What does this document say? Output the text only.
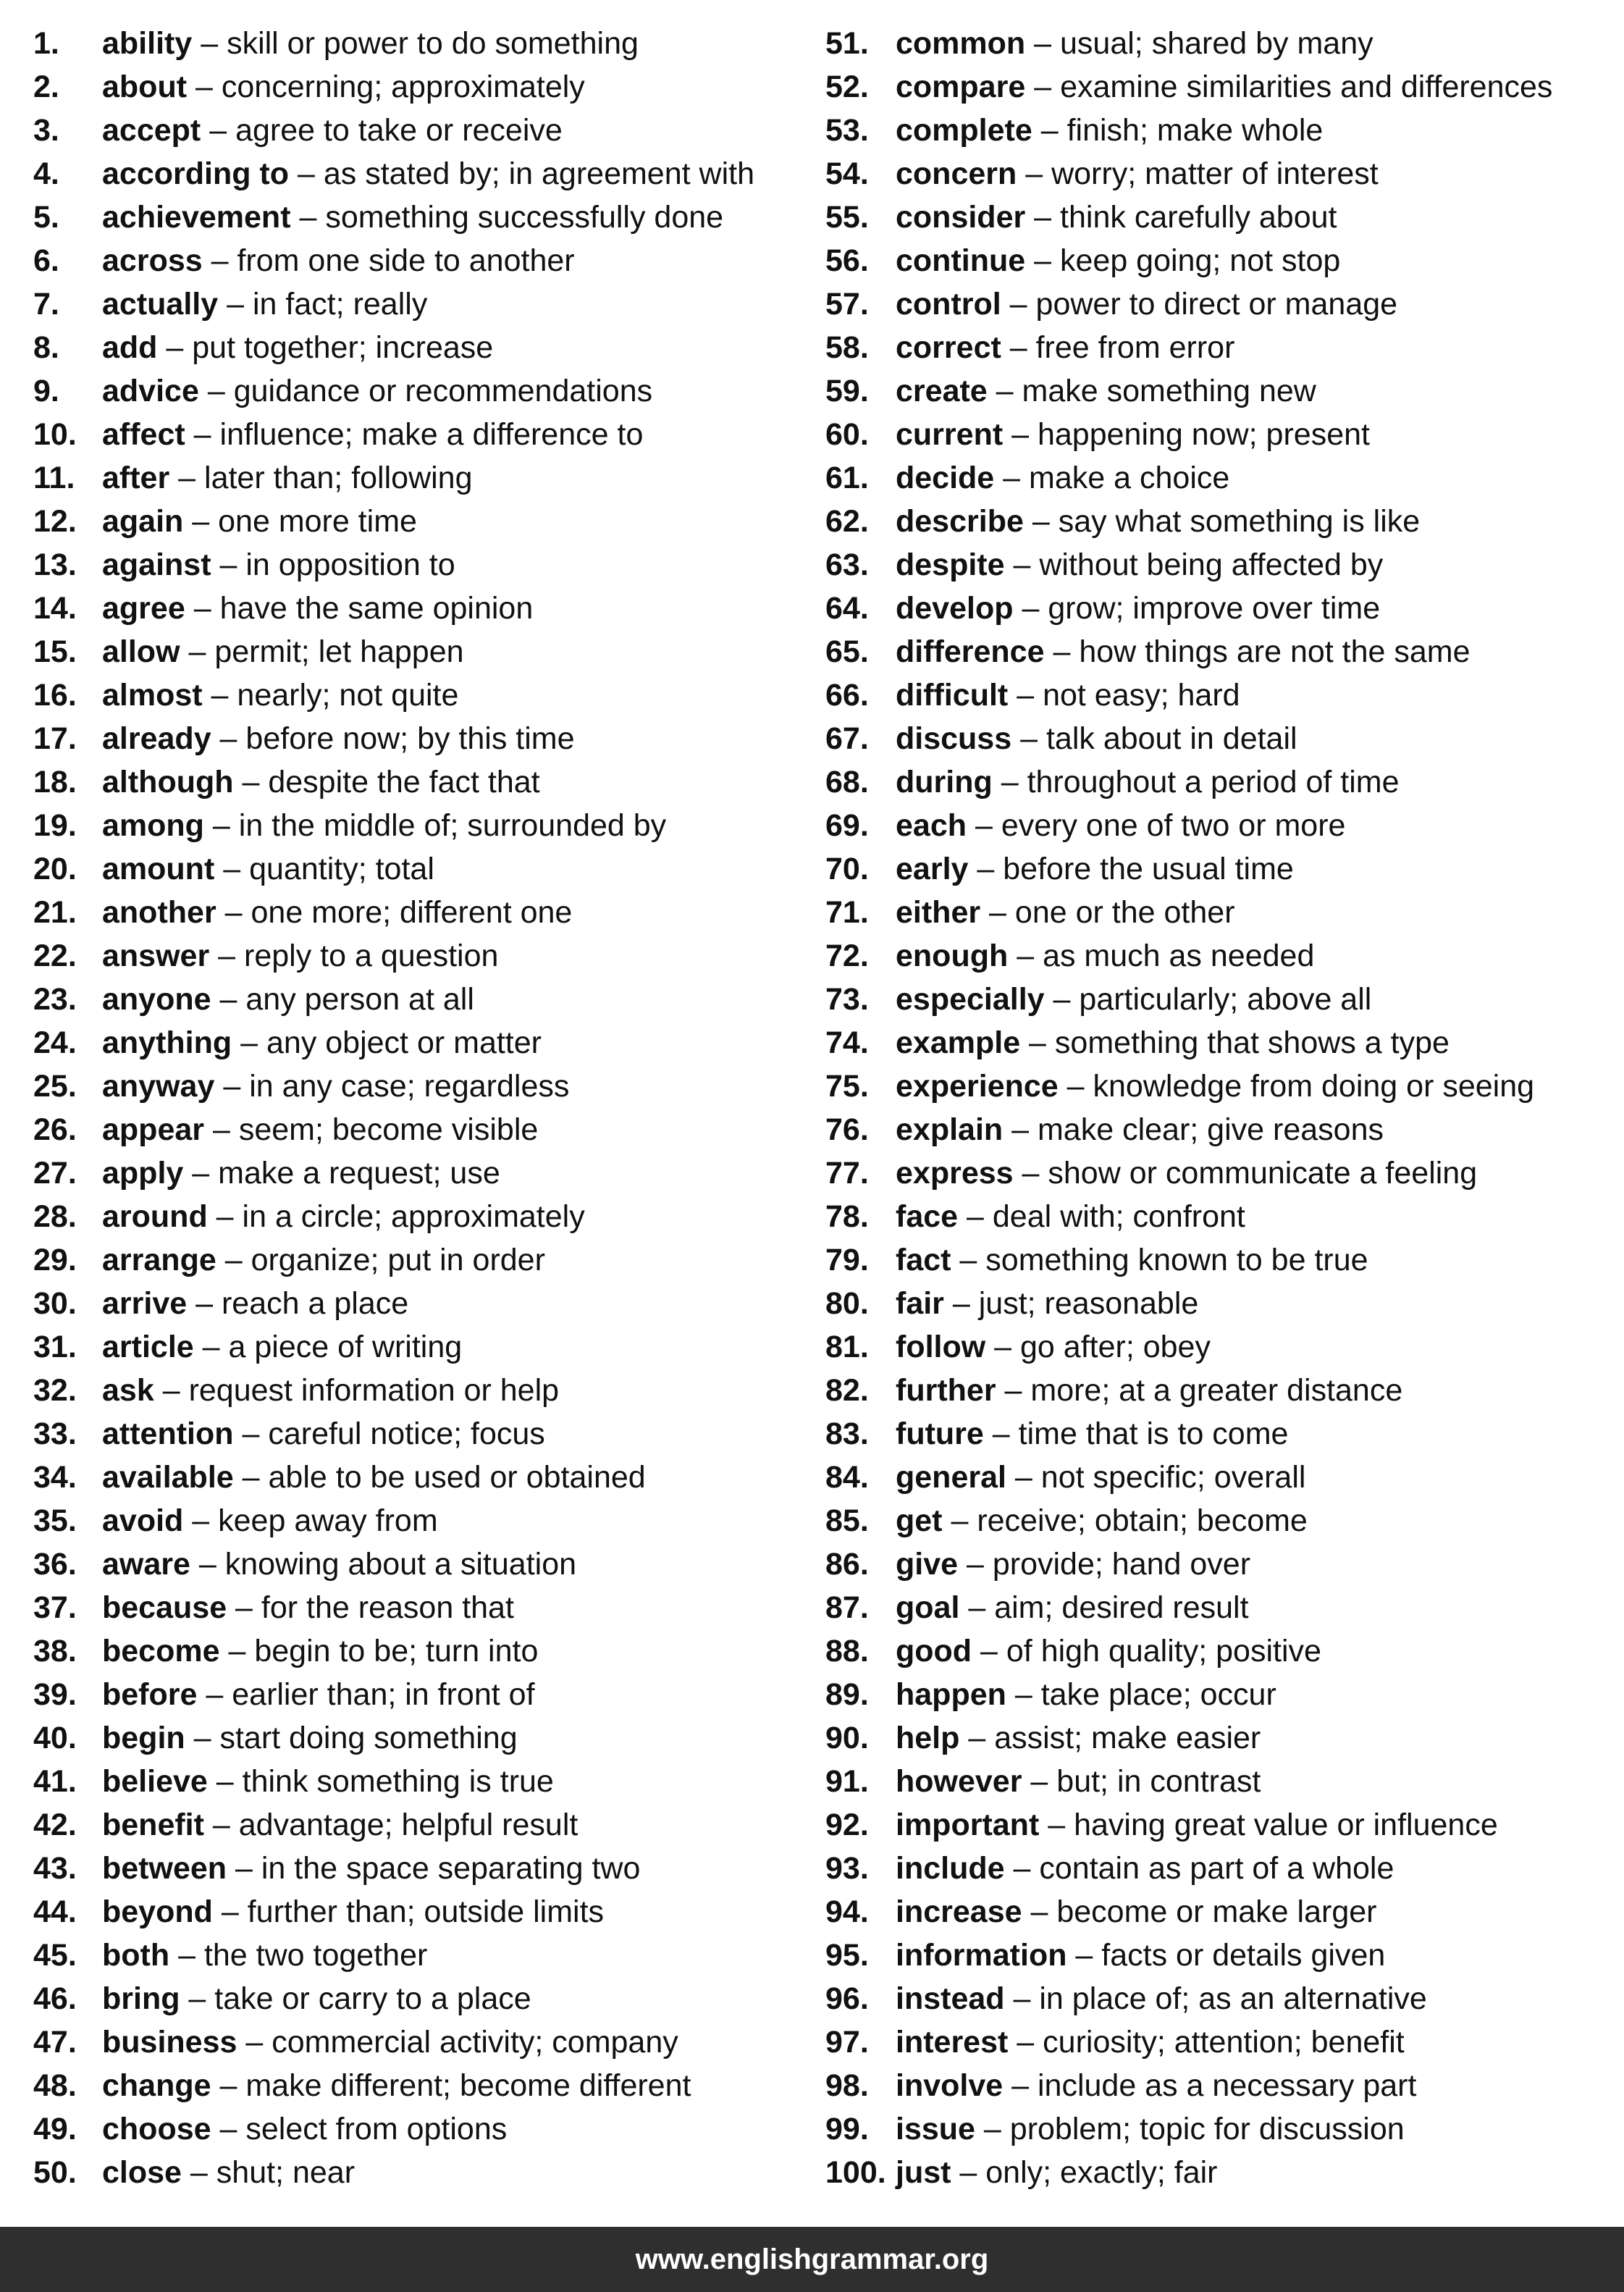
1.	ability – skill or power to do something
2.	about – concerning; approximately
3.	accept – agree to take or receive
4.	according to – as stated by; in agreement with
5.	achievement – something successfully done
6.	across – from one side to another
7.	actually – in fact; really
8.	add – put together; increase
9.	advice – guidance or recommendations
10. affect – influence; make a difference to
11. after – later than; following
12. again – one more time
13. against – in opposition to
14. agree – have the same opinion
15. allow – permit; let happen
16. almost – nearly; not quite
17. already – before now; by this time
18. although – despite the fact that
19. among – in the middle of; surrounded by
20. amount – quantity; total
21. another – one more; different one
22. answer – reply to a question
23. anyone – any person at all
24. anything – any object or matter
25. anyway – in any case; regardless
26. appear – seem; become visible
27. apply – make a request; use
28. around – in a circle; approximately
29. arrange – organize; put in order
30. arrive – reach a place
31. article – a piece of writing
32. ask – request information or help
33. attention – careful notice; focus
34. available – able to be used or obtained
35. avoid – keep away from
36. aware – knowing about a situation
37. because – for the reason that
38. become – begin to be; turn into
39. before – earlier than; in front of
40. begin – start doing something
41. believe – think something is true
42. benefit – advantage; helpful result
43. between – in the space separating two
44. beyond – further than; outside limits
45. both – the two together
46. bring – take or carry to a place
47. business – commercial activity; company
48. change – make different; become different
49. choose – select from options
50. close – shut; near
51. common – usual; shared by many
52. compare – examine similarities and differences
53. complete – finish; make whole
54. concern – worry; matter of interest
55. consider – think carefully about
56. continue – keep going; not stop
57. control – power to direct or manage
58. correct – free from error
59. create – make something new
60. current – happening now; present
61. decide – make a choice
62. describe – say what something is like
63. despite – without being affected by
64. develop – grow; improve over time
65. difference – how things are not the same
66. difficult – not easy; hard
67. discuss – talk about in detail
68. during – throughout a period of time
69. each – every one of two or more
70. early – before the usual time
71. either – one or the other
72. enough – as much as needed
73. especially – particularly; above all
74. example – something that shows a type
75. experience – knowledge from doing or seeing
76. explain – make clear; give reasons
77. express – show or communicate a feeling
78. face – deal with; confront
79. fact – something known to be true
80. fair – just; reasonable
81. follow – go after; obey
82. further – more; at a greater distance
83. future – time that is to come
84. general – not specific; overall
85. get – receive; obtain; become
86. give – provide; hand over
87. goal – aim; desired result
88. good – of high quality; positive
89. happen – take place; occur
90. help – assist; make easier
91. however – but; in contrast
92. important – having great value or influence
93. include – contain as part of a whole
94. increase – become or make larger
95. information – facts or details given
96. instead – in place of; as an alternative
97. interest – curiosity; attention; benefit
98. involve – include as a necessary part
99. issue – problem; topic for discussion
100. just – only; exactly; fair
www.englishgrammar.org
